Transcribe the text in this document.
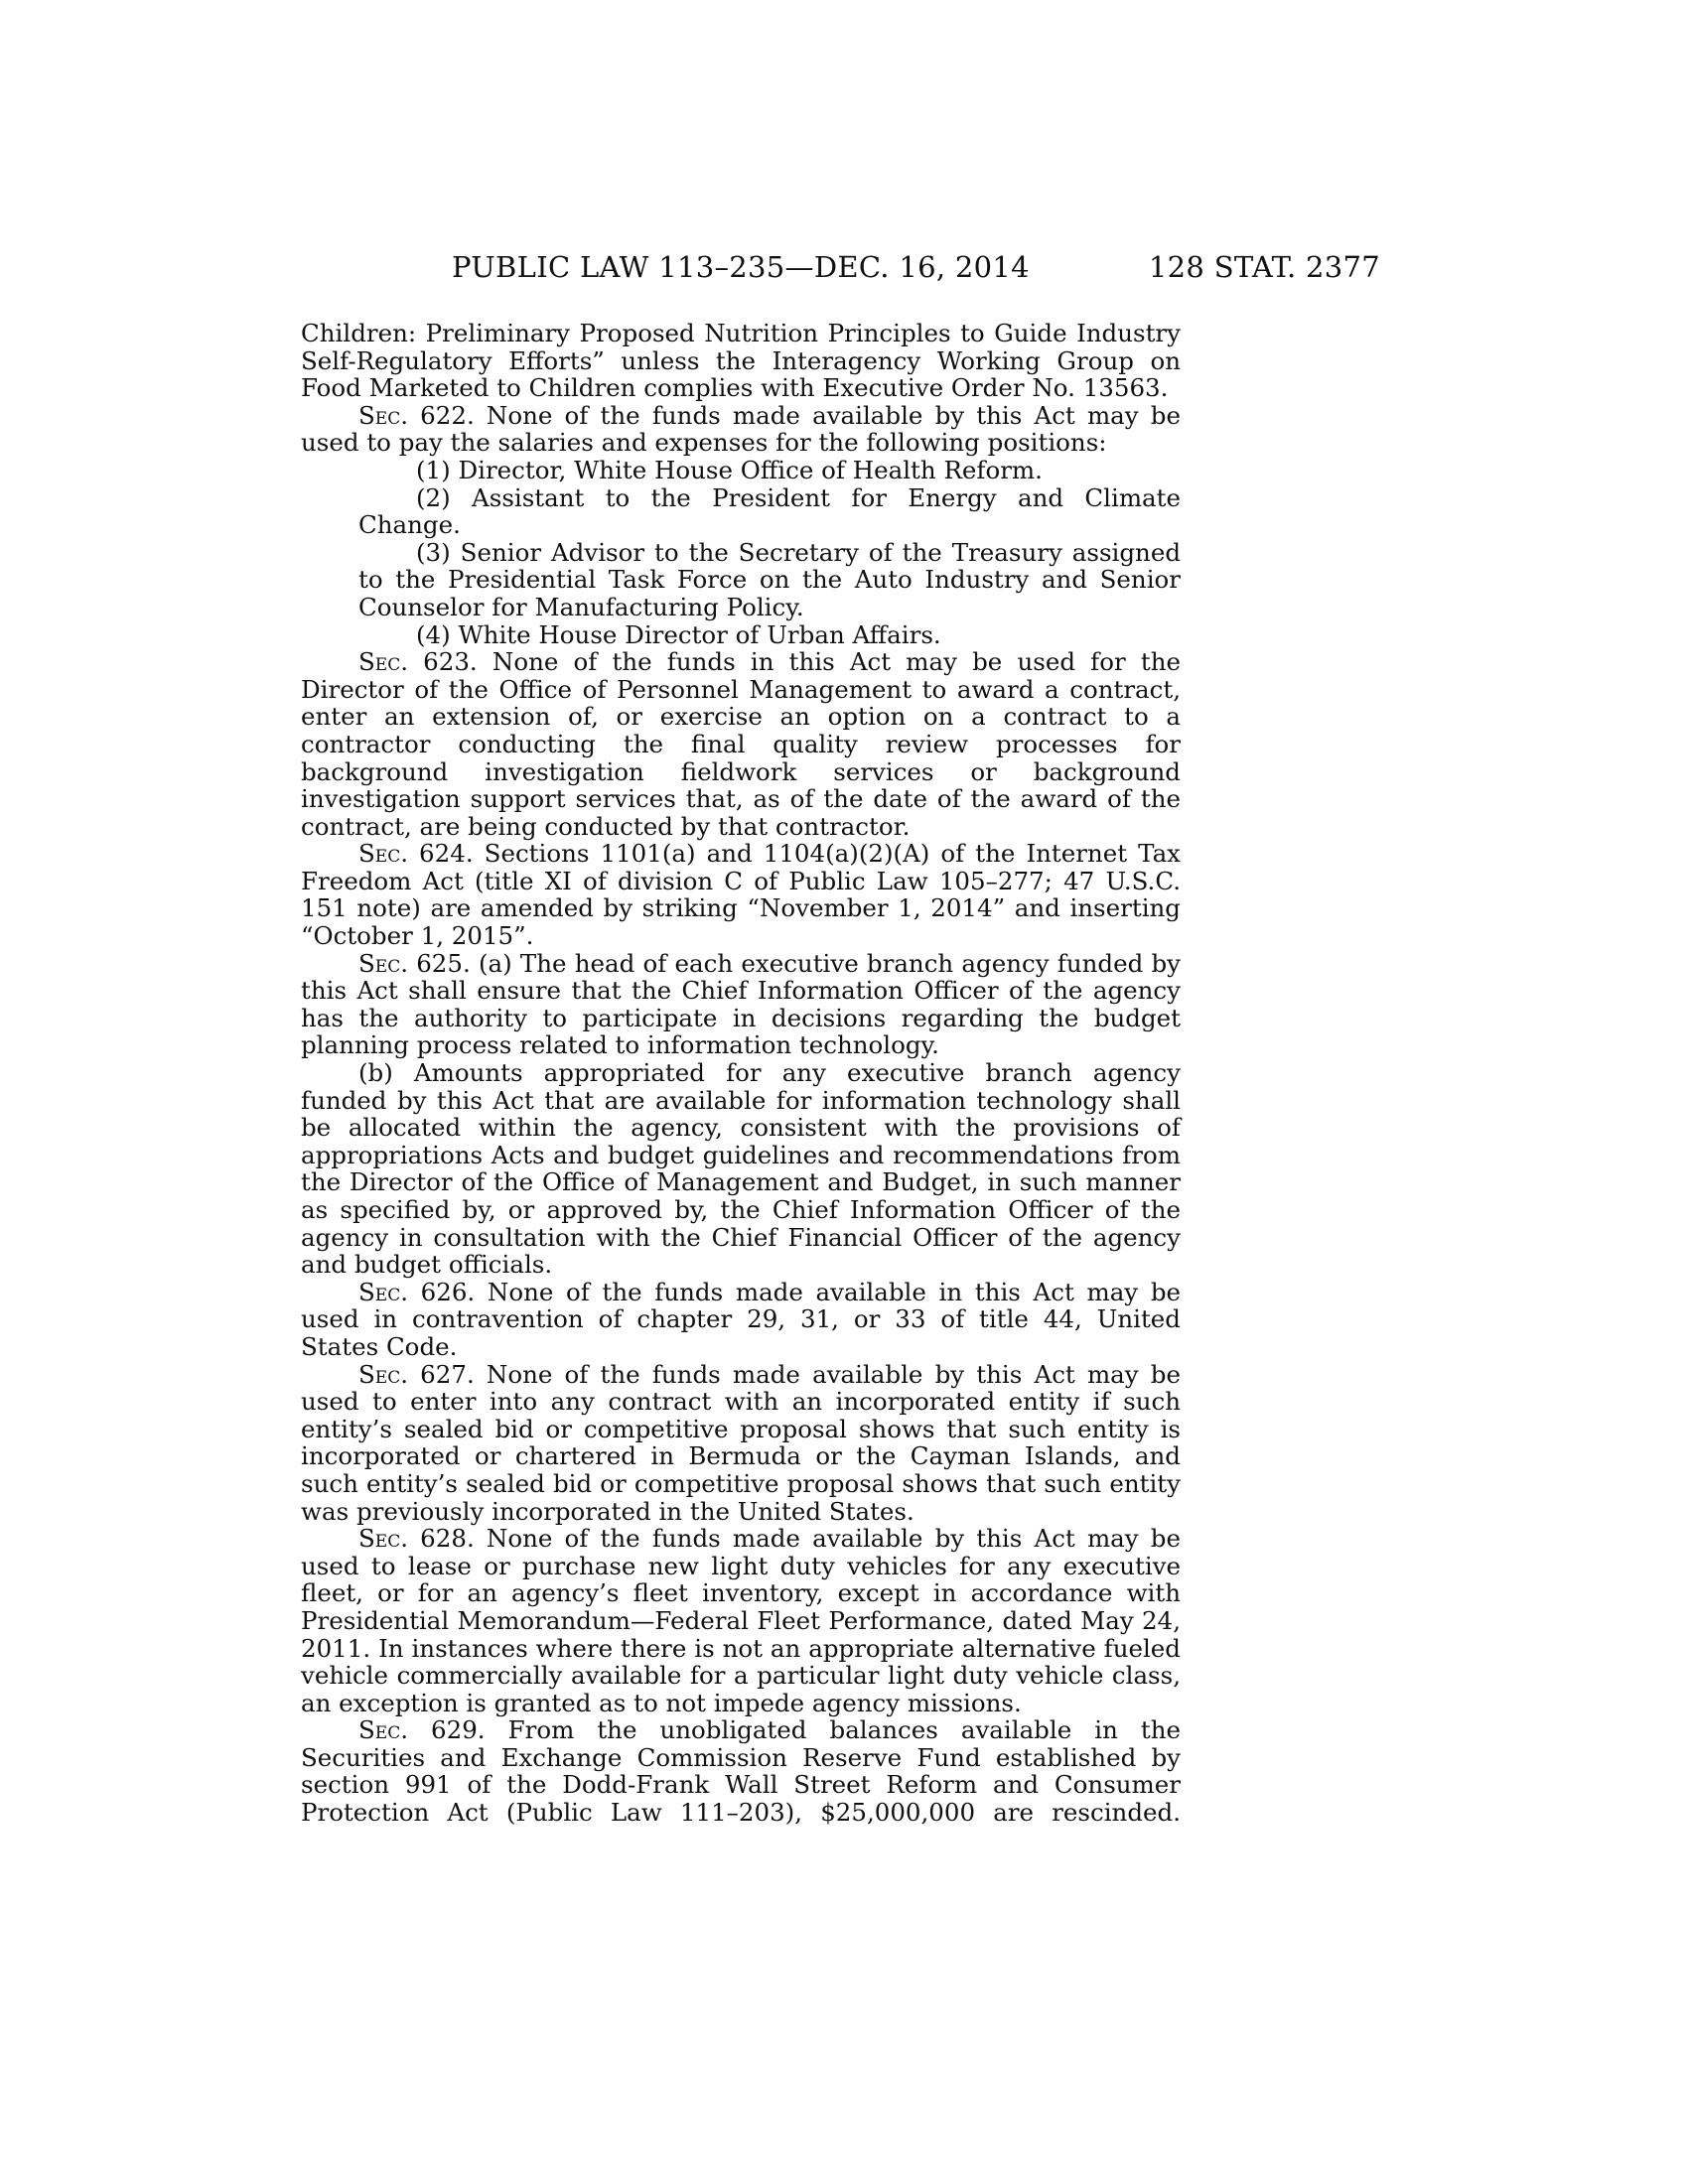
PUBLIC LAW 113–235—DEC. 16, 2014	128 STAT. 2377

Children: Preliminary Proposed Nutrition Principles to Guide Industry Self-Regulatory Efforts” unless the Interagency Working Group on Food Marketed to Children complies with Executive Order No. 13563.

Sec. 622. None of the funds made available by this Act may be used to pay the salaries and expenses for the following positions:

(1) Director, White House Office of Health Reform.

(2) Assistant to the President for Energy and Climate Change.

(3) Senior Advisor to the Secretary of the Treasury assigned to the Presidential Task Force on the Auto Industry and Senior Counselor for Manufacturing Policy.

(4) White House Director of Urban Affairs.

Sec. 623. None of the funds in this Act may be used for the Director of the Office of Personnel Management to award a contract, enter an extension of, or exercise an option on a contract to a contractor conducting the final quality review processes for background investigation fieldwork services or background investigation support services that, as of the date of the award of the contract, are being conducted by that contractor.

Sec. 624. Sections 1101(a) and 1104(a)(2)(A) of the Internet Tax Freedom Act (title XI of division C of Public Law 105–277; 47 U.S.C. 151 note) are amended by striking “November 1, 2014” and inserting “October 1, 2015”.

Sec. 625. (a) The head of each executive branch agency funded by this Act shall ensure that the Chief Information Officer of the agency has the authority to participate in decisions regarding the budget planning process related to information technology.

(b) Amounts appropriated for any executive branch agency funded by this Act that are available for information technology shall be allocated within the agency, consistent with the provisions of appropriations Acts and budget guidelines and recommendations from the Director of the Office of Management and Budget, in such manner as specified by, or approved by, the Chief Information Officer of the agency in consultation with the Chief Financial Officer of the agency and budget officials.

Sec. 626. None of the funds made available in this Act may be used in contravention of chapter 29, 31, or 33 of title 44, United States Code.

Sec. 627. None of the funds made available by this Act may be used to enter into any contract with an incorporated entity if such entity’s sealed bid or competitive proposal shows that such entity is incorporated or chartered in Bermuda or the Cayman Islands, and such entity’s sealed bid or competitive proposal shows that such entity was previously incorporated in the United States.

Sec. 628. None of the funds made available by this Act may be used to lease or purchase new light duty vehicles for any executive fleet, or for an agency’s fleet inventory, except in accordance with Presidential Memorandum—Federal Fleet Performance, dated May 24, 2011. In instances where there is not an appropriate alternative fueled vehicle commercially available for a particular light duty vehicle class, an exception is granted as to not impede agency missions.

Sec. 629. From the unobligated balances available in the Securities and Exchange Commission Reserve Fund established by section 991 of the Dodd-Frank Wall Street Reform and Consumer Protection Act (Public Law 111–203), $25,000,000 are rescinded.
